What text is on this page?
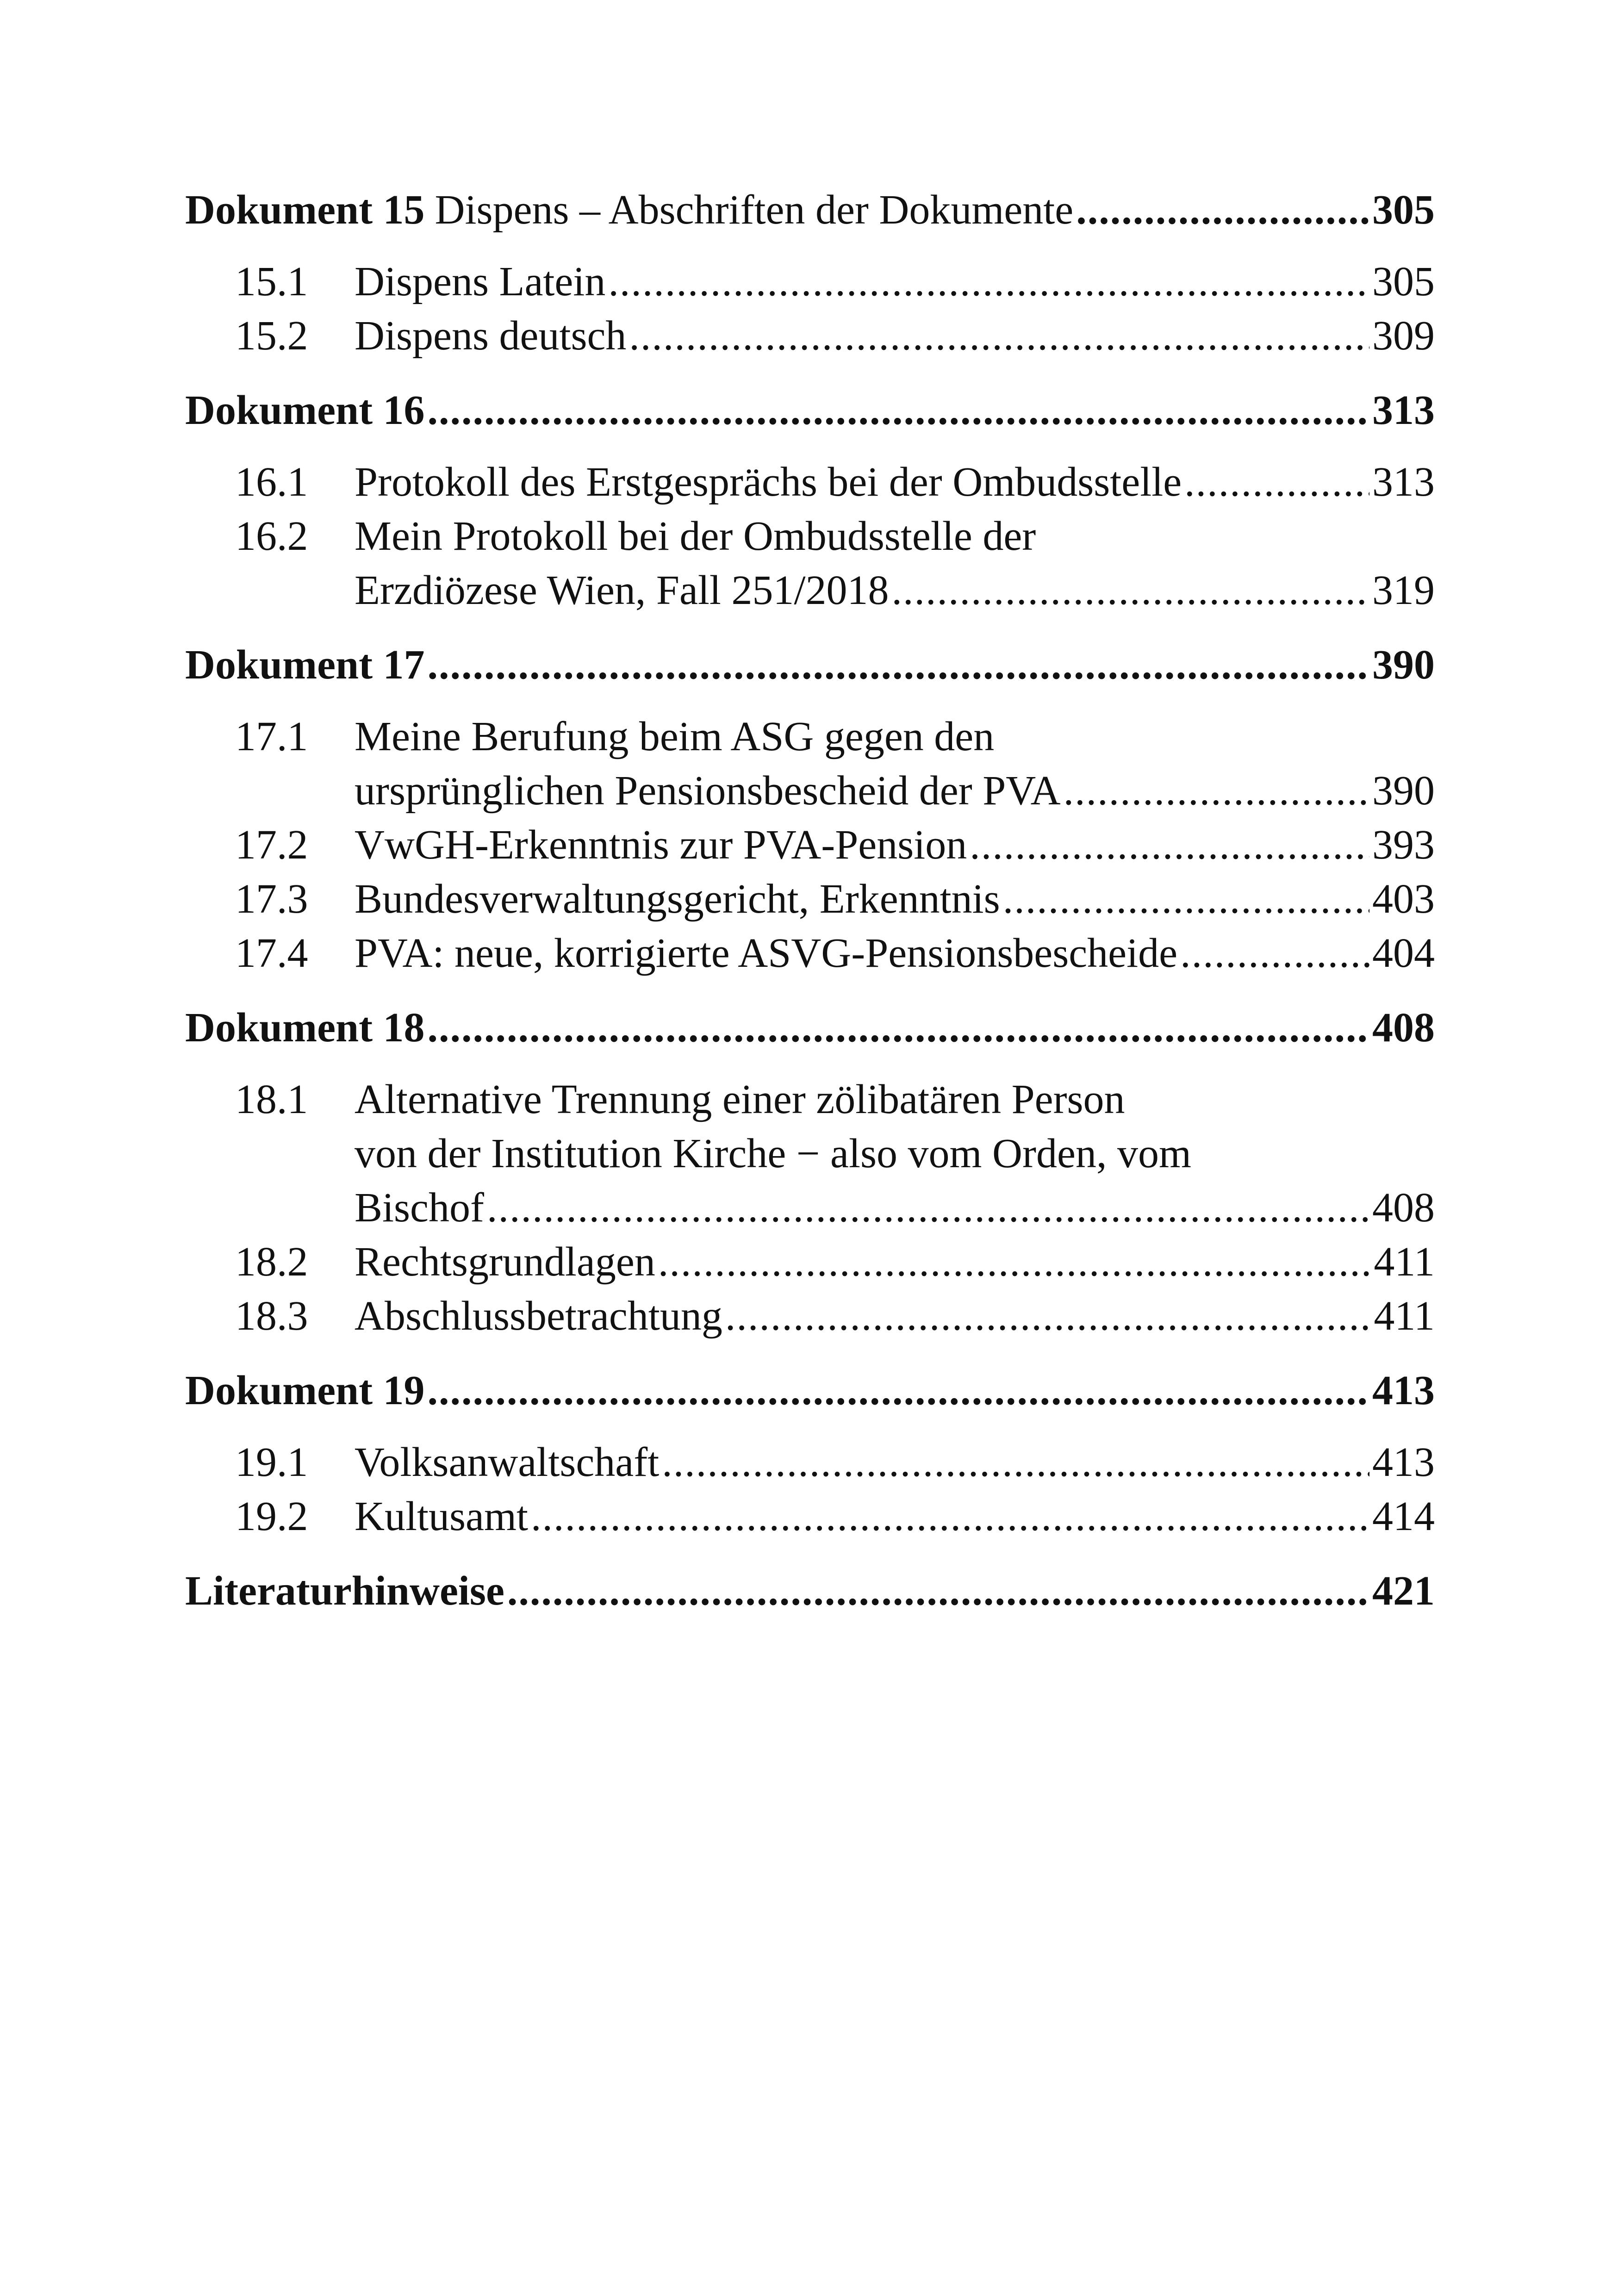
Dokument 15 Dispens – Abschriften der Dokumente .....	305
15.1	Dispens Latein .....	305
15.2	Dispens deutsch .....	309
Dokument 16 .....	313
16.1	Protokoll des Erstgesprächs bei der Ombudsstelle .....	313
16.2	Mein Protokoll bei der Ombudsstelle der
Erzdiözese Wien, Fall 251/2018 .....	319
Dokument 17 .....	390
17.1	Meine Berufung beim ASG gegen den
ursprünglichen Pensionsbescheid der PVA .....	390
17.2	VwGH-Erkenntnis zur PVA-Pension .....	393
17.3	Bundesverwaltungsgericht, Erkenntnis .....	403
17.4	PVA: neue, korrigierte ASVG-Pensionsbescheide .....	404
Dokument 18 .....	408
18.1	Alternative Trennung einer zölibatären Person
von der Institution Kirche − also vom Orden, vom
Bischof .....	408
18.2	Rechtsgrundlagen .....	411
18.3	Abschlussbetrachtung .....	411
Dokument 19 .....	413
19.1	Volksanwaltschaft .....	413
19.2	Kultusamt .....	414
Literaturhinweise .....	421
